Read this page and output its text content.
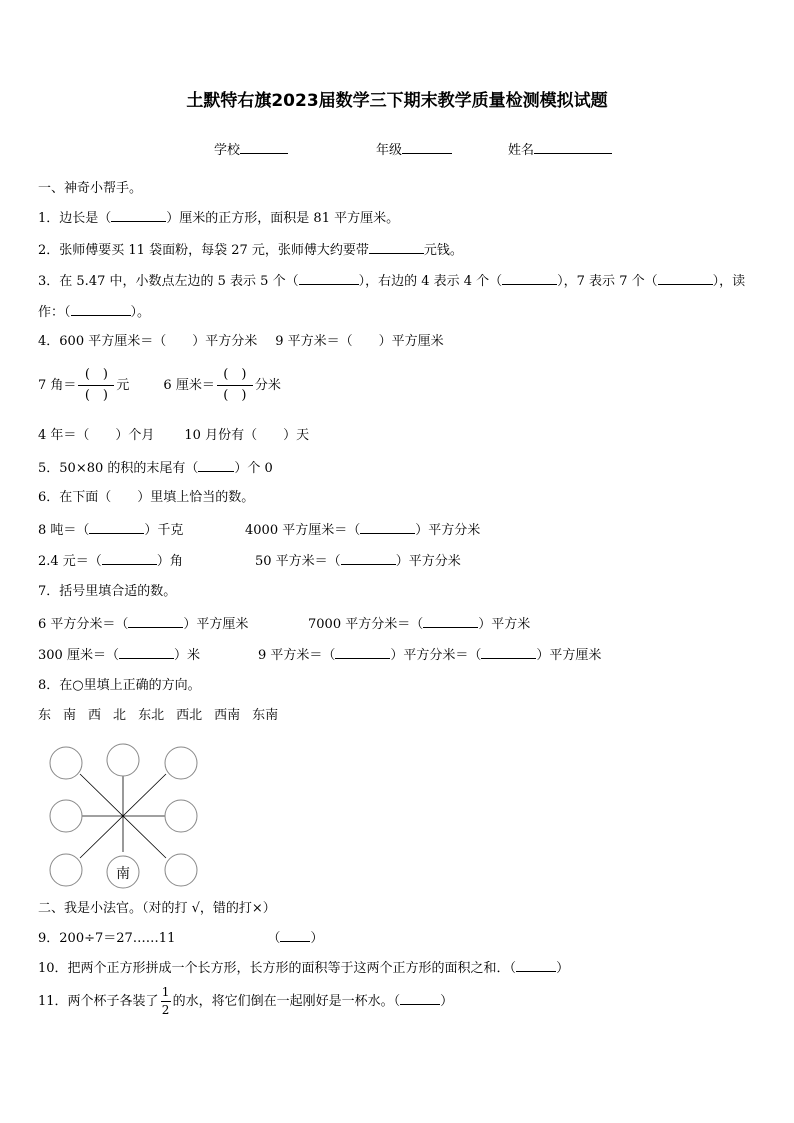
土默特右旗2023届数学三下期末教学质量检测模拟试题
学校	年级	姓名
一、神奇小帮手。
1．边长是（	）厘米的正方形，面积是 81 平方厘米。
2．张师傅要买 11 袋面粉，每袋 27 元，张师傅大约要带	元钱。
3．在 5.47 中，小数点左边的 5 表示 5 个（	），右边的 4 表示 4 个（	），7 表示 7 个（	），读
作：（	）。
4．600 平方厘米＝（　　）平方分米 9 平方米＝（　　）平方厘米
7 角＝ $\frac{( )}{( )}$ 元	6 厘米＝ $\frac{( )}{( )}$ 分米
4 年＝（　　）个月 10 月份有（　　）天
5．50×80 的积的末尾有（	）个 0
6．在下面（　　）里填上恰当的数。
8 吨＝（	）千克	4000 平方厘米＝（	）平方分米
2.4 元＝（	）角	50 平方米＝（	）平方分米
7．括号里填合适的数。
6 平方分米＝（	）平方厘米	7000 平方分米＝（	）平方米
300 厘米＝（	）米	9 平方米＝（	）平方分米＝（	）平方厘米
8．在○里填上正确的方向。
东 南 西 北 东北 西北 西南 东南
南
二、我是小法官。（对的打 √，错的打×）
9．200÷7＝27……11	（ ）
10．把两个正方形拼成一个长方形，长方形的面积等于这两个正方形的面积之和．（	）
11．两个杯子各装了 $\frac{1}{2}$ 的水，将它们倒在一起刚好是一杯水。（	）
